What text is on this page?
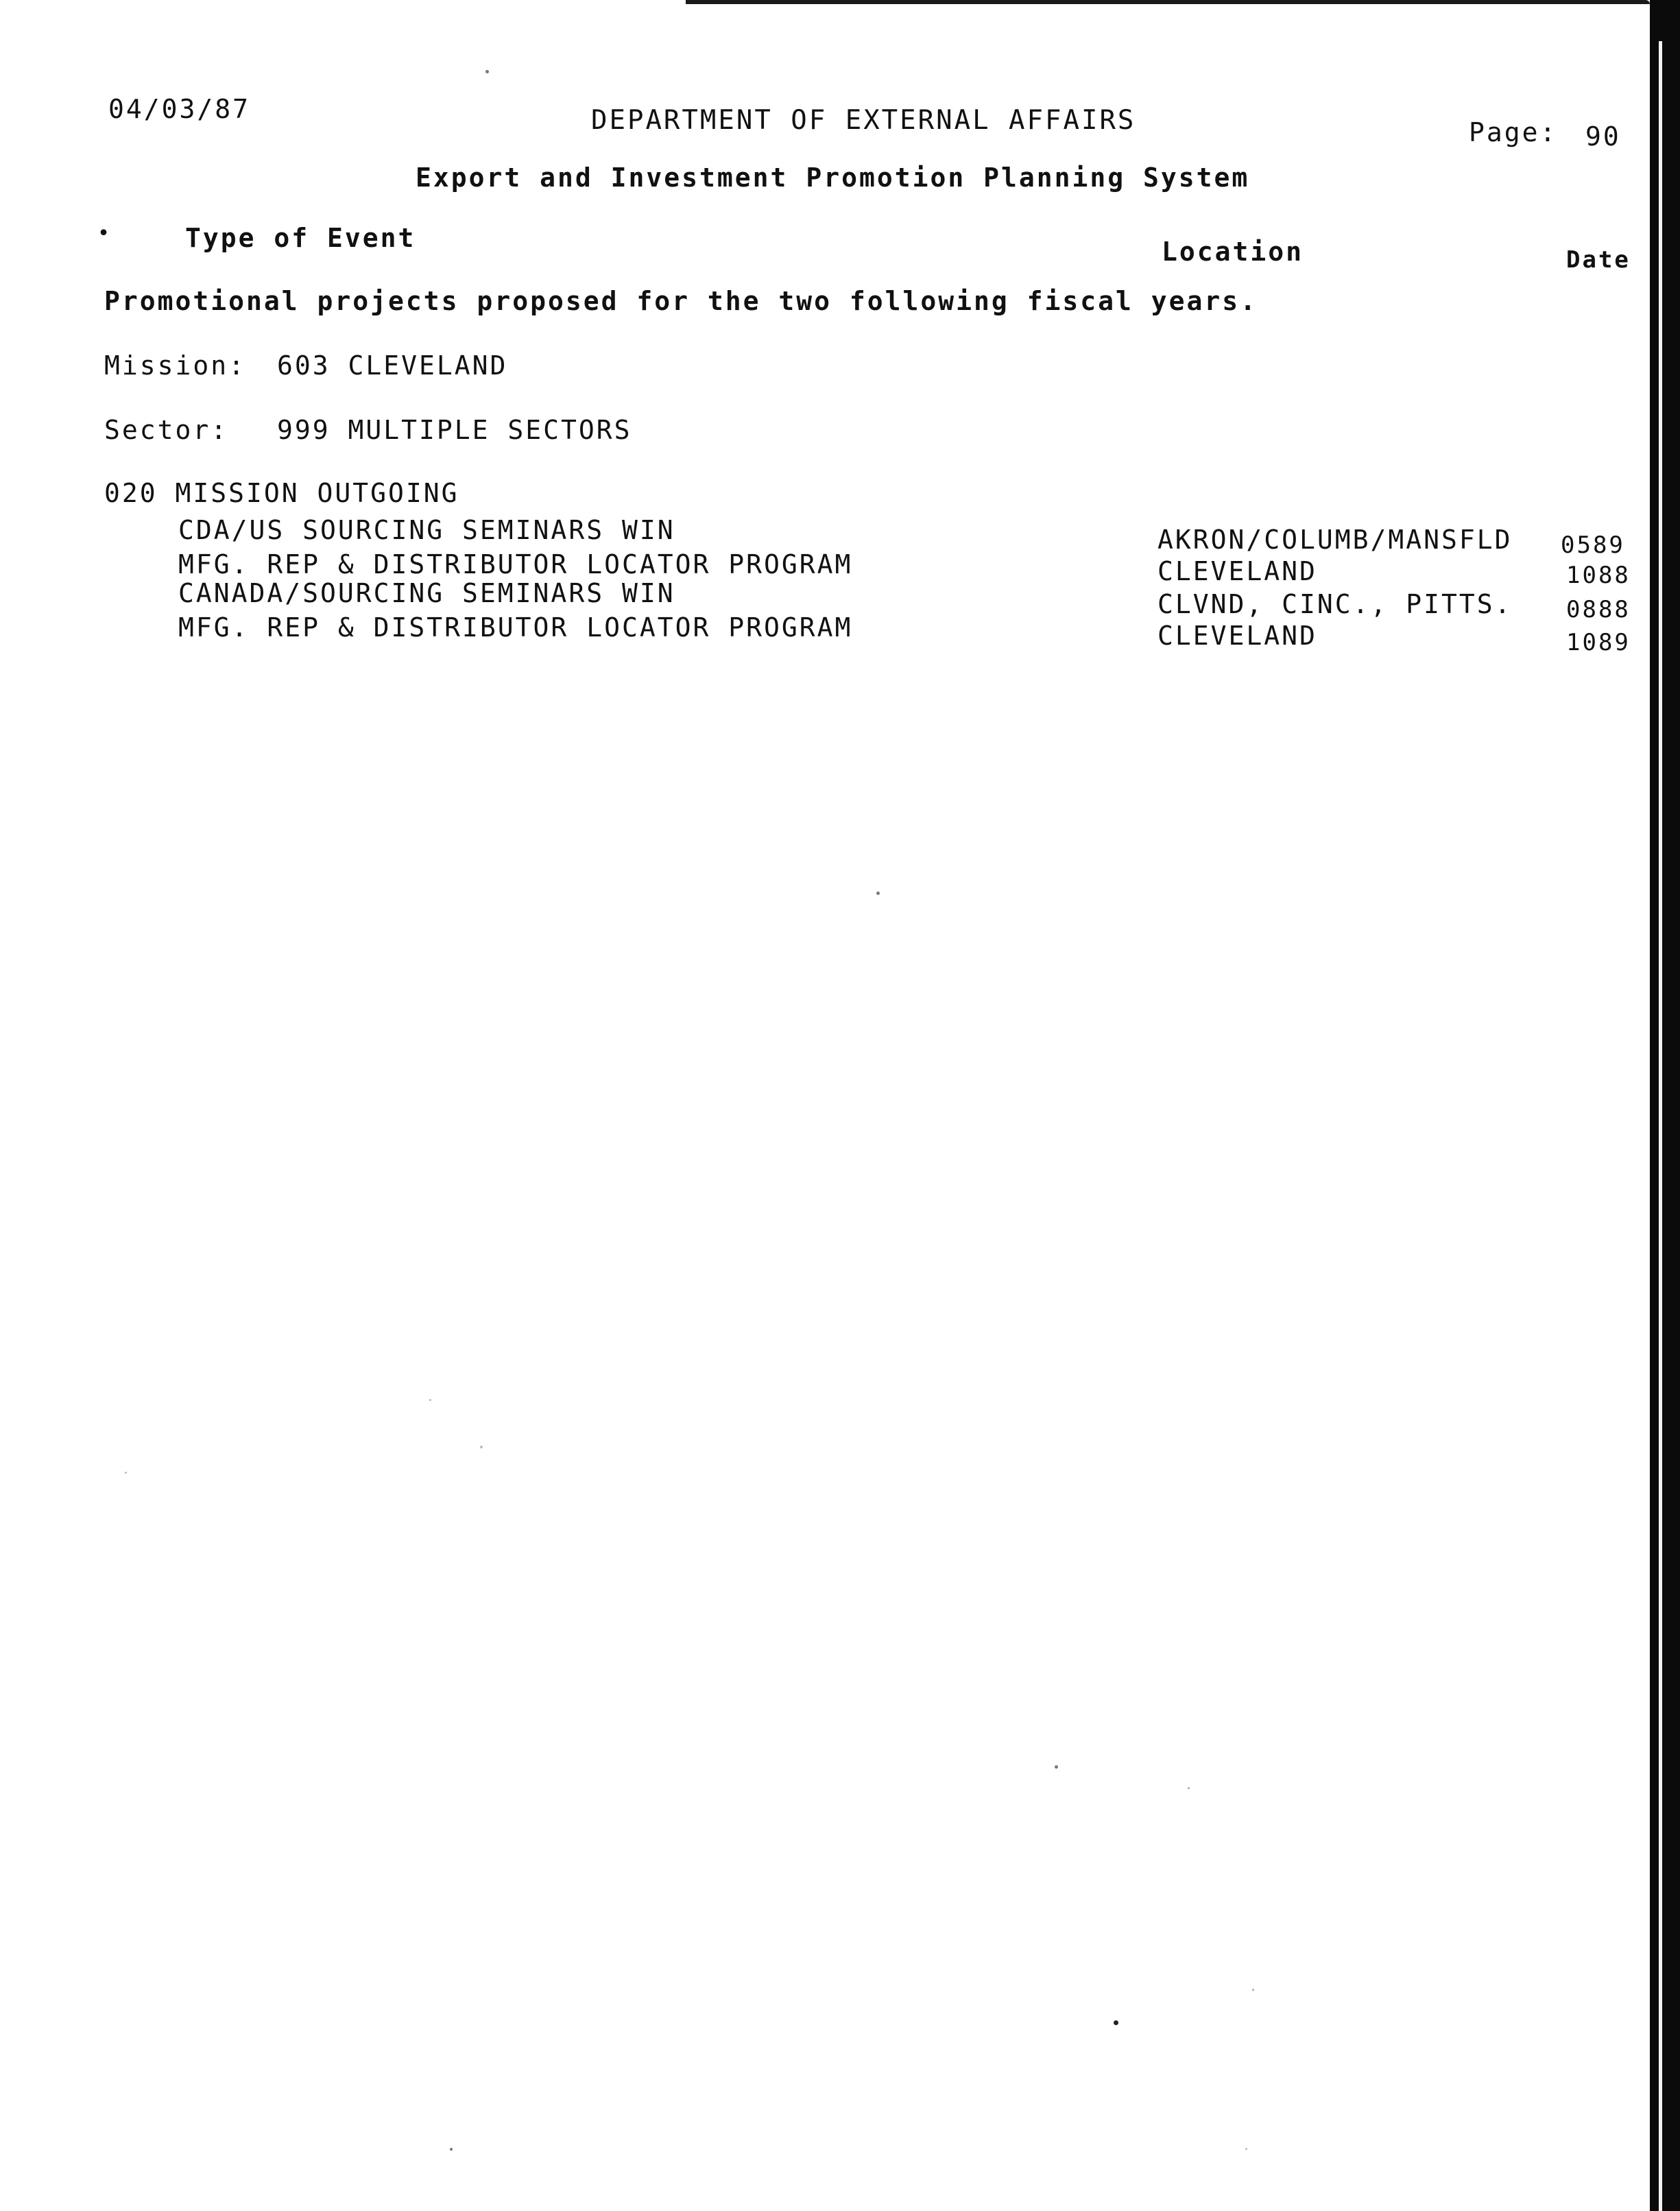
04/03/87	DEPARTMENT OF EXTERNAL AFFAIRS	Page: 90
Export and Investment Promotion Planning System
•	Type of Event	Location	Date
Promotional projects proposed for the two following fiscal years.
Mission: 603 CLEVELAND
Sector: 999 MULTIPLE SECTORS
020 MISSION OUTGOING
CDA/US SOURCING SEMINARS WIN	AKRON/COLUMB/MANSFLD 0589
MFG. REP & DISTRIBUTOR LOCATOR PROGRAM	CLEVELAND	1088
CANADA/SOURCING SEMINARS WIN	CLVND, CINC., PITTS. 0888
MFG. REP & DISTRIBUTOR LOCATOR PROGRAM	CLEVELAND	1089
